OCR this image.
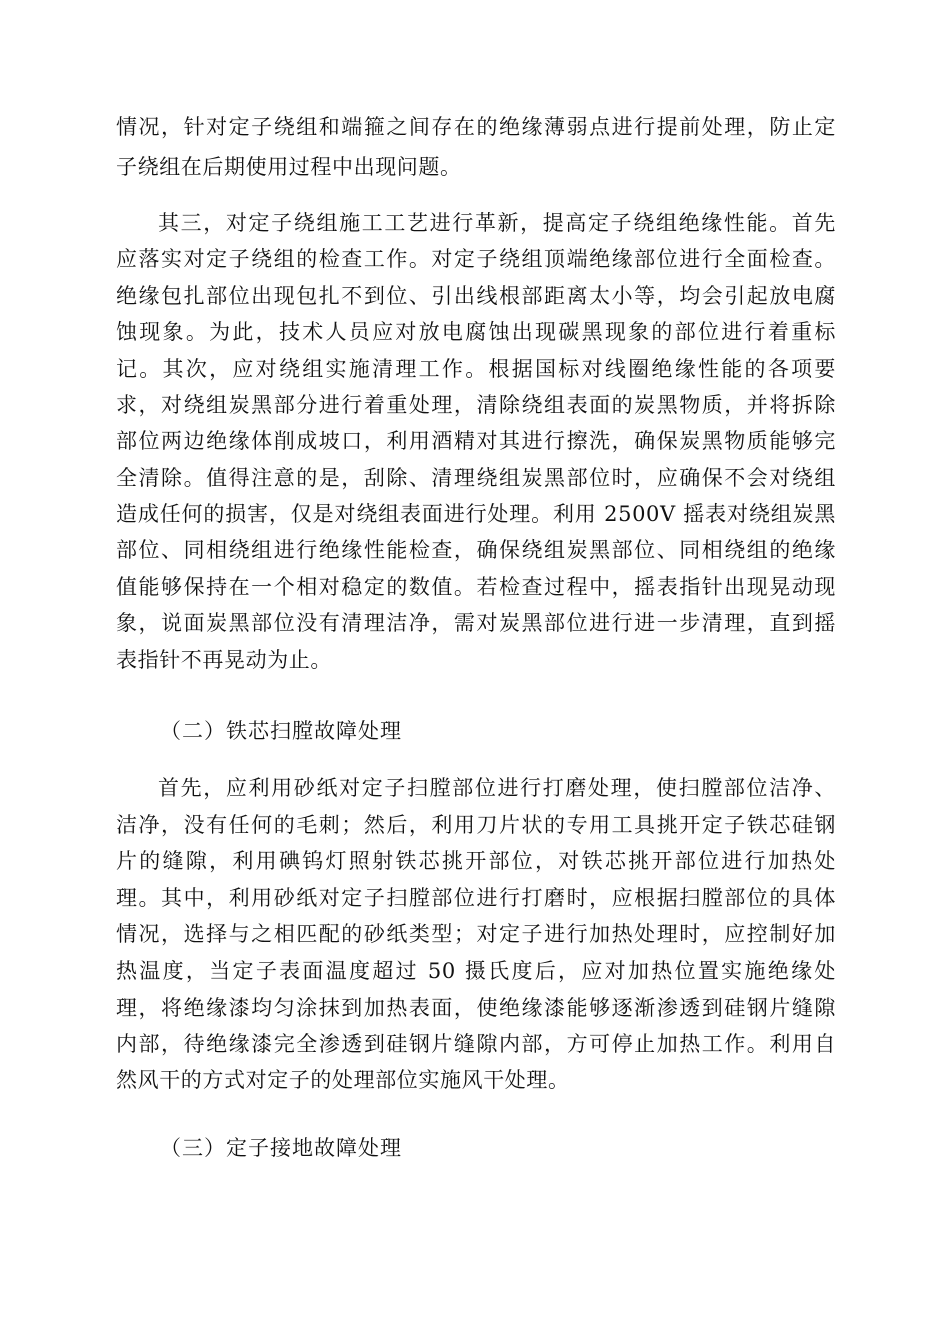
情况，针对定子绕组和端箍之间存在的绝缘薄弱点进行提前处理，防止定
子绕组在后期使用过程中出现问题。
其三，对定子绕组施工工艺进行革新，提高定子绕组绝缘性能。首先
应落实对定子绕组的检查工作。对定子绕组顶端绝缘部位进行全面检查。
绝缘包扎部位出现包扎不到位、引出线根部距离太小等，均会引起放电腐
蚀现象。为此，技术人员应对放电腐蚀出现碳黑现象的部位进行着重标
记。其次，应对绕组实施清理工作。根据国标对线圈绝缘性能的各项要
求，对绕组炭黑部分进行着重处理，清除绕组表面的炭黑物质，并将拆除
部位两边绝缘体削成坡口，利用酒精对其进行擦洗，确保炭黑物质能够完
全清除。值得注意的是，刮除、清理绕组炭黑部位时，应确保不会对绕组
造成任何的损害，仅是对绕组表面进行处理。利用 2500V 摇表对绕组炭黑
部位、同相绕组进行绝缘性能检查，确保绕组炭黑部位、同相绕组的绝缘
值能够保持在一个相对稳定的数值。若检查过程中，摇表指针出现晃动现
象，说面炭黑部位没有清理洁净，需对炭黑部位进行进一步清理，直到摇
表指针不再晃动为止。
（二）铁芯扫膛故障处理
首先，应利用砂纸对定子扫膛部位进行打磨处理，使扫膛部位洁净、
洁净，没有任何的毛刺；然后，利用刀片状的专用工具挑开定子铁芯硅钢
片的缝隙，利用碘钨灯照射铁芯挑开部位，对铁芯挑开部位进行加热处
理。其中，利用砂纸对定子扫膛部位进行打磨时，应根据扫膛部位的具体
情况，选择与之相匹配的砂纸类型；对定子进行加热处理时，应控制好加
热温度，当定子表面温度超过 50 摄氏度后，应对加热位置实施绝缘处
理，将绝缘漆均匀涂抹到加热表面，使绝缘漆能够逐渐渗透到硅钢片缝隙
内部，待绝缘漆完全渗透到硅钢片缝隙内部，方可停止加热工作。利用自
然风干的方式对定子的处理部位实施风干处理。
（三）定子接地故障处理
